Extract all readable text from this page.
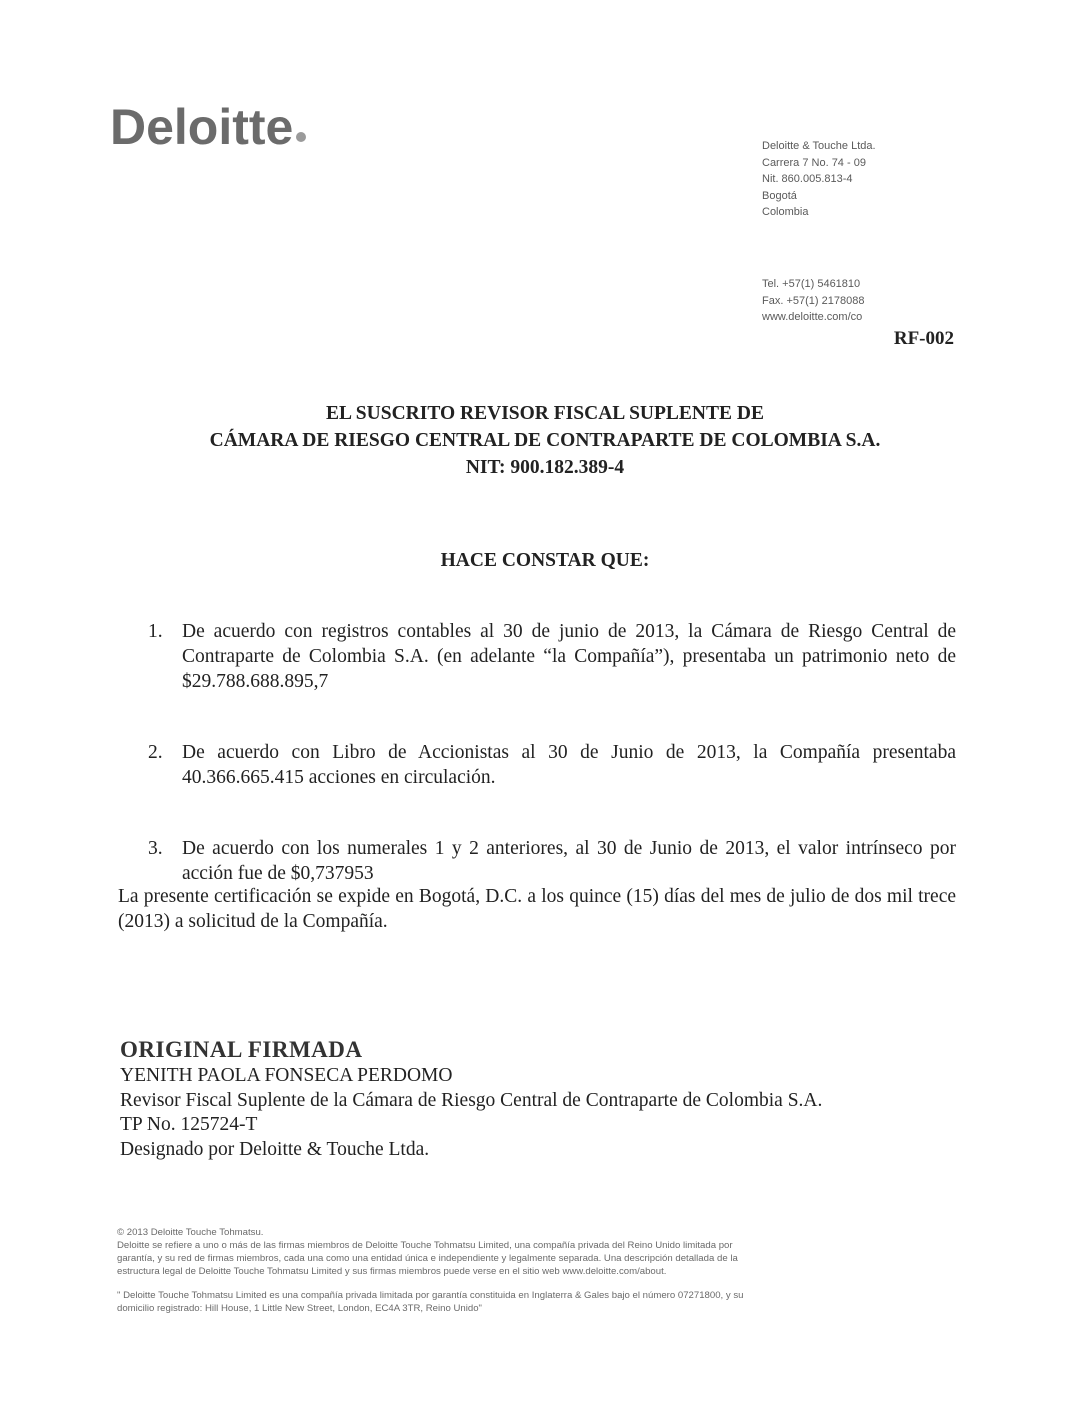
Deloitte	Deloitte & Touche Ltda.
Carrera 7 No. 74 - 09
Nit. 860.005.813-4
Bogotá
Colombia
Tel. +57(1) 5461810
Fax. +57(1) 2178088
www.deloitte.com/co
RF-002
EL SUSCRITO REVISOR FISCAL SUPLENTE DE
CÁMARA DE RIESGO CENTRAL DE CONTRAPARTE DE COLOMBIA S.A.
NIT: 900.182.389-4
HACE CONSTAR QUE:
1. De acuerdo con registros contables al 30 de junio de 2013, la Cámara de Riesgo Central de Contraparte de Colombia S.A. (en adelante “la Compañía”), presentaba un patrimonio neto de $29.788.688.895,7
2. De acuerdo con Libro de Accionistas al 30 de Junio de 2013, la Compañía presentaba 40.366.665.415 acciones en circulación.
3. De acuerdo con los numerales 1 y 2 anteriores, al 30 de Junio de 2013, el valor intrínseco por acción fue de $0,737953
La presente certificación se expide en Bogotá, D.C. a los quince (15) días del mes de julio de dos mil trece (2013) a solicitud de la Compañía.
ORIGINAL FIRMADA
YENITH PAOLA FONSECA PERDOMO
Revisor Fiscal Suplente de la Cámara de Riesgo Central de Contraparte de Colombia S.A.
TP No. 125724-T
Designado por Deloitte & Touche Ltda.

© 2013 Deloitte Touche Tohmatsu.

Deloitte se refiere a uno o más de las firmas miembros de Deloitte Touche Tohmatsu Limited, una compañía privada del Reino Unido limitada por garantía, y su red de firmas miembros, cada una como una entidad única e independiente y legalmente separada. Una descripción detallada de la estructura legal de Deloitte Touche Tohmatsu Limited y sus firmas miembros puede verse en el sitio web www.deloitte.com/about.

" Deloitte Touche Tohmatsu Limited es una compañía privada limitada por garantía constituida en Inglaterra & Gales bajo el número 07271800, y su domicilio registrado: Hill House, 1 Little New Street, London, EC4A 3TR, Reino Unido"
